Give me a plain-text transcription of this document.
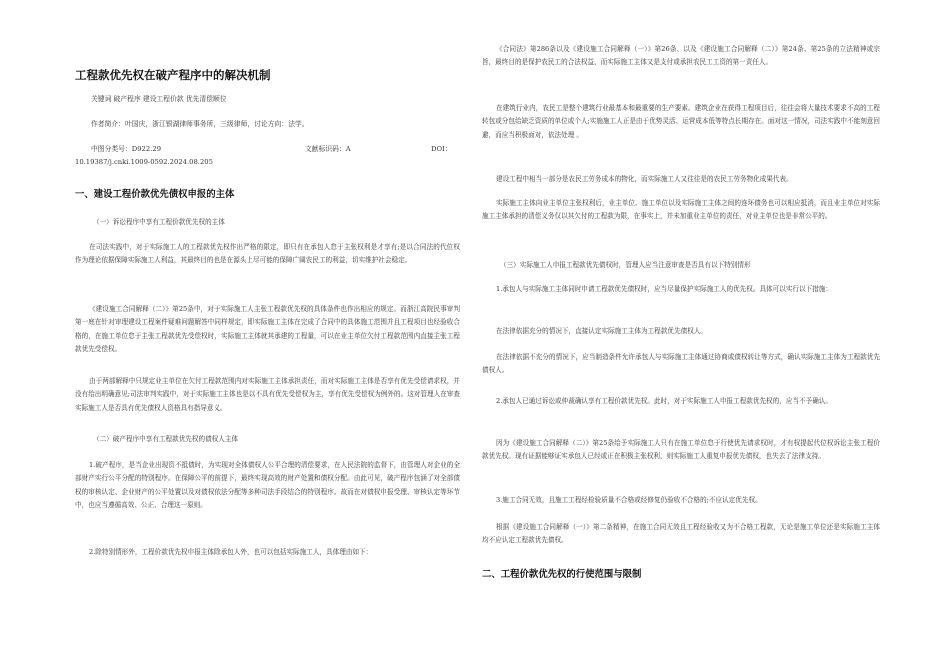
工程款优先权在破产程序中的解决机制
关键词 破产程序 建设工程价款 优先清偿顺位
作者简介：叶国庆，浙江银湖律师事务所，三级律师，讨论方向：法学。
中图分类号：D922.29	文献标识码：A	DOI：
10.19387/j.cnki.1009-0592.2024.08.205
一、建设工程价款优先债权申报的主体
（一）诉讼程序中享有工程价款优先权的主体

在司法实践中，对于实际施工人的工程款优先权作出严格的限定，即只有在承包人怠于主张权利是才享有;是以合同法的代位权作为理论依据保障实际施工人利益，其最终目的也是在源头上尽可能的保障广阔农民工的利益，切实维护社会稳定。

《建设施工合同解释（二）》第25条中，对于实际施工人主张工程款优先权的具体条件也作出相应的规定。而浙江高院民事审判第一庭在针对审理建设工程案件疑难问题解答中同样规定，即实际施工主体在完成了合同中的具体施工范围并且工程项目也经验收合格的，在施工单位怠于主张工程款优先受偿权时，实际施工主体就其承建的工程量，可以在业主单位欠付工程款范围内直接主张工程款优先受偿权。

由于两部解释中只规定业主单位在欠付工程款范围内对实际施工主体承担责任，而对实际施工主体是否享有优先受偿请求权，并没有给出明确意见;司法审判实践中，对于实际施工主体也是以不具有优先受偿权为主，享有优先受偿权为例外的。这对管理人在审查实际施工人是否具有优先债权人资格具有指导意义。

（二）破产程序中享有工程款优先权的债权人主体

1.破产程序，是当企业出现资不抵债时，为实现对全体债权人公平合理的清偿要求，在人民法院的监督下，由管理人对企业的全部财产实行公平分配的特别程序。在保障公平的前提下，最终实现高效的财产处置和债权分配。由此可见，破产程序包涵了对全部债权的审核认定、企业财产的公平处置以及对债权依法分配等多种司法手段结合的特别程序。故而在对债权申报受理、审核认定等环节中，也应当遵循高效、公正、合理这一原则。

2.除特别情形外，工程价款优先权申报主体除承包人外，也可以包括实际施工人，具体理由如下：

《合同法》第286条以及《建设施工合同解释（一）》第26条、以及《建设施工合同解释（二）》第24条、第25条的立法精神或宗旨，最终目的是保护农民工的合法权益，而实际施工主体又是支付或承担农民工工资的第一责任人。

在建筑行业内，农民工是整个建筑行业最基本和最重要的生产要素。建筑企业在获得工程项目后，往往会将大量技术要求不高的工程转包或分包给缺乏资质的单位或个人;实施施工人正是由于优势灵活、运营成本低等特点长期存在。面对这一情况，司法实践中不能刻意回避，而应当积极面对，依法处理 。

建设工程中相当一部分是农民工劳务成本的物化，而实际施工人又往往是的农民工劳务物化成果代表。

实际施工主体向业主单位主张权利后，业主单位、施工单位以及实际施工主体之间的连环债务也可以相应抵消，而且业主单位对实际施工主体承担的清偿义务仅以其欠付的工程款为限，在事实上，并未加重业主单位的责任，对业主单位也是非常公平的。

（三）实际施工人申报工程款优先债权时，管理人应当注意审查是否具有以下特别情形

1.承包人与实际施工主体同时申请工程款优先债权时，应当尽量保护实际施工人的优先权。具体可以实行以下措施：

在法律依据充分的情况下，直接认定实际施工主体为工程款优先债权人。

在法律依据不充分的情况下，应当制造条件允许承包人与实际施工主体通过协商或债权转让等方式，确认实际施工主体为工程款优先债权人。

2.承包人已通过诉讼或仲裁确认享有工程价款优先权。此时，对于实际施工人申报工程款优先权的，应当不予确认。

因为《建设施工合同解释（二）》第25条给予实际施工人只有在施工单位怠于行使优先请求权时，才有权提起代位权诉讼主张工程价款优先权。现有证据能够证实承包人已经或正在积极主张权利，则实际施工人重复申报优先债权，也失去了法律支持。

3.施工合同无效，且施工工程经检验质量不合格或经修复仍验收不合格的;不应认定优先权。

根据《建设施工合同解释（一）》第二条精神，在施工合同无效且工程经验收又为不合格工程款，无论是施工单位还是实际施工主体均不应认定工程款优先债权。

二、工程价款优先权的行使范围与限制
